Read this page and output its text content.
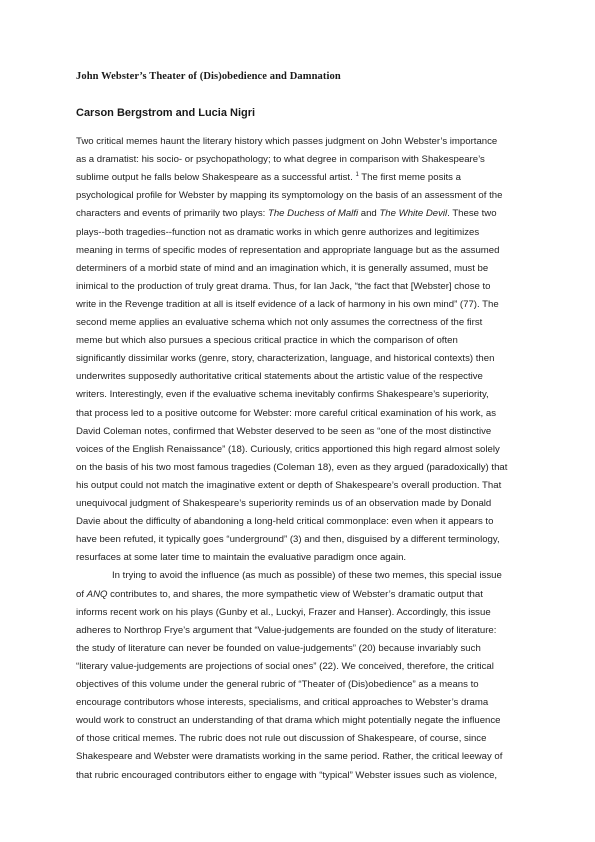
John Webster’s Theater of (Dis)obedience and Damnation
Carson Bergstrom and Lucia Nigri
Two critical memes haunt the literary history which passes judgment on John Webster’s importance
as a dramatist: his socio- or psychopathology; to what degree in comparison with Shakespeare’s
sublime output he falls below Shakespeare as a successful artist. $^1$ The first meme posits a
psychological profile for Webster by mapping its symptomology on the basis of an assessment of the
characters and events of primarily two plays: The Duchess of Malfi and The White Devil. These two
plays--both tragedies--function not as dramatic works in which genre authorizes and legitimizes
meaning in terms of specific modes of representation and appropriate language but as the assumed
determiners of a morbid state of mind and an imagination which, it is generally assumed, must be
inimical to the production of truly great drama. Thus, for Ian Jack, “the fact that [Webster] chose to
write in the Revenge tradition at all is itself evidence of a lack of harmony in his own mind” (77). The
second meme applies an evaluative schema which not only assumes the correctness of the first
meme but which also pursues a specious critical practice in which the comparison of often
significantly dissimilar works (genre, story, characterization, language, and historical contexts) then
underwrites supposedly authoritative critical statements about the artistic value of the respective
writers. Interestingly, even if the evaluative schema inevitably confirms Shakespeare’s superiority,
that process led to a positive outcome for Webster: more careful critical examination of his work, as
David Coleman notes, confirmed that Webster deserved to be seen as “one of the most distinctive
voices of the English Renaissance” (18). Curiously, critics apportioned this high regard almost solely
on the basis of his two most famous tragedies (Coleman 18), even as they argued (paradoxically) that
his output could not match the imaginative extent or depth of Shakespeare’s overall production. That
unequivocal judgment of Shakespeare’s superiority reminds us of an observation made by Donald
Davie about the difficulty of abandoning a long-held critical commonplace: even when it appears to
have been refuted, it typically goes “underground” (3) and then, disguised by a different terminology,
resurfaces at some later time to maintain the evaluative paradigm once again.
In trying to avoid the influence (as much as possible) of these two memes, this special issue
of ANQ contributes to, and shares, the more sympathetic view of Webster’s dramatic output that
informs recent work on his plays (Gunby et al., Luckyi, Frazer and Hanser). Accordingly, this issue
adheres to Northrop Frye’s argument that “Value-judgements are founded on the study of literature:
the study of literature can never be founded on value-judgements” (20) because invariably such
“literary value-judgements are projections of social ones” (22). We conceived, therefore, the critical
objectives of this volume under the general rubric of “Theater of (Dis)obedience” as a means to
encourage contributors whose interests, specialisms, and critical approaches to Webster’s drama
would work to construct an understanding of that drama which might potentially negate the influence
of those critical memes. The rubric does not rule out discussion of Shakespeare, of course, since
Shakespeare and Webster were dramatists working in the same period. Rather, the critical leeway of
that rubric encouraged contributors either to engage with “typical” Webster issues such as violence,
